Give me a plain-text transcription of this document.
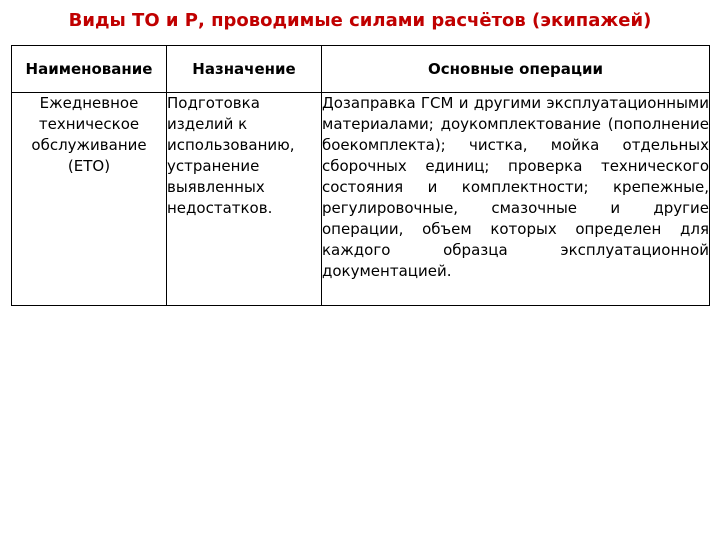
Виды ТО и Р, проводимые силами расчётов (экипажей)
Наименование	Назначение	Основные операции
Ежедневное техническое обслуживание (ЕТО)	Подготовка изделий к использованию, устранение выявленных недостатков.	Дозаправка ГСМ и другими эксплуатационными материалами; доукомплектование (пополнение боекомплекта); чистка, мойка отдельных сборочных единиц; проверка технического состояния и комплектности; крепежные, регулировочные, смазочные и другие операции, объем которых определен для каждого образца эксплуатационной документацией.
